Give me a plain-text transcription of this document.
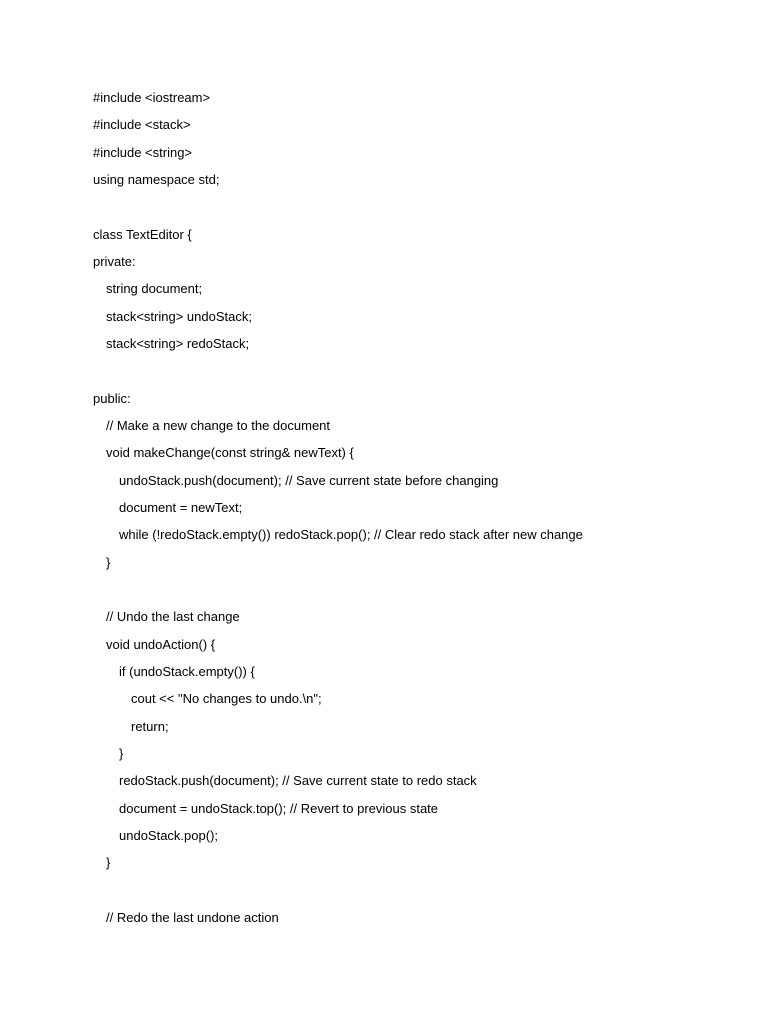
#include <iostream>
#include <stack>
#include <string>
using namespace std;
class TextEditor {
private:
string document;
stack<string> undoStack;
stack<string> redoStack;
public:
// Make a new change to the document
void makeChange(const string& newText) {
undoStack.push(document); // Save current state before changing
document = newText;
while (!redoStack.empty()) redoStack.pop(); // Clear redo stack after new change
}
// Undo the last change
void undoAction() {
if (undoStack.empty()) {
cout << "No changes to undo.\n";
return;
}
redoStack.push(document); // Save current state to redo stack
document = undoStack.top(); // Revert to previous state
undoStack.pop();
}
// Redo the last undone action
